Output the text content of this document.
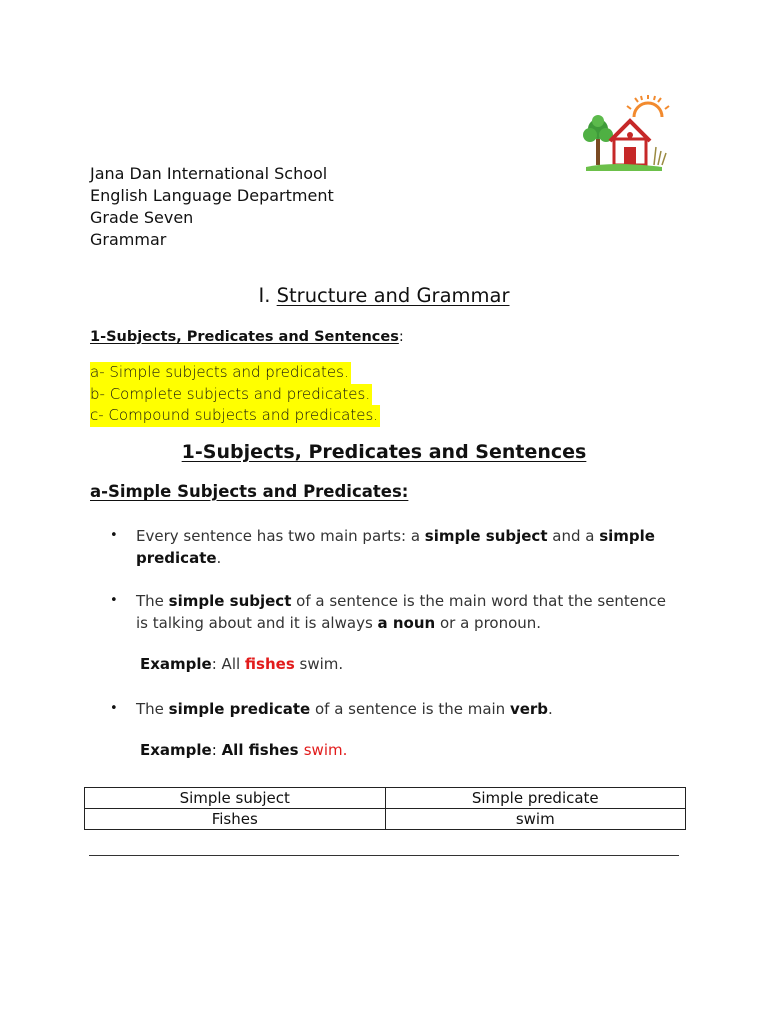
Jana Dan International School
English Language Department
Grade Seven
Grammar
I. Structure and Grammar
1-Subjects, Predicates and Sentences:
a- Simple subjects and predicates.
b- Complete subjects and predicates.
c- Compound subjects and predicates.
1-Subjects, Predicates and Sentences
a-Simple Subjects and Predicates:
•	Every sentence has two main parts: a simple subject and a simple predicate.
•	The simple subject of a sentence is the main word that the sentence is talking about and it is always a noun or a pronoun.
•	The simple predicate of a sentence is the main verb.
Example: All fishes swim.
Example: All fishes swim.
Simple subject	Simple predicate
Fishes	swim
